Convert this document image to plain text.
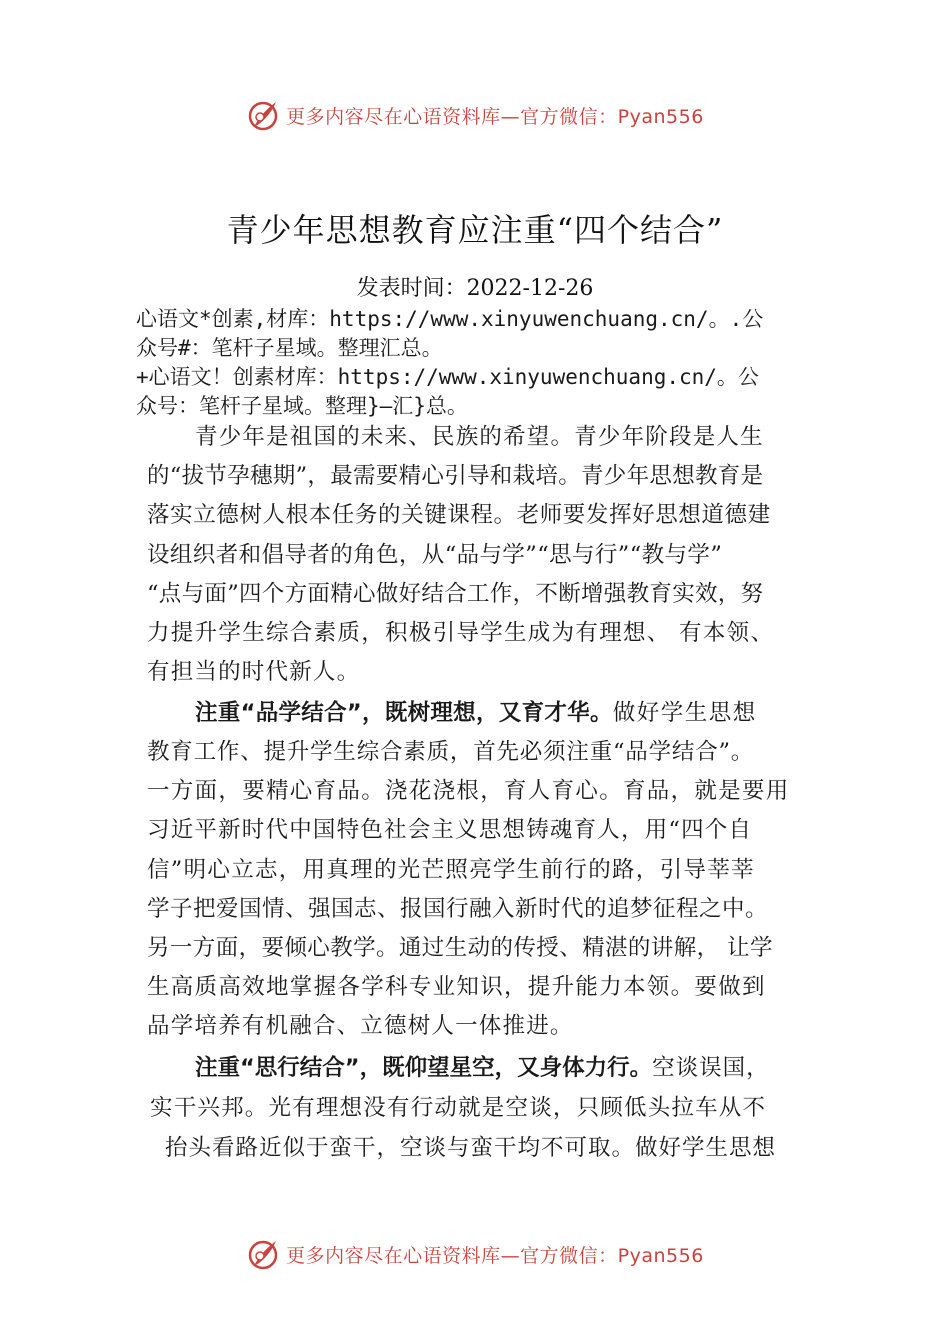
更多内容尽在心语资料库—官方微信：Pyan556
青少年思想教育应注重“四个结合”
发表时间：2022-12-26
心语文*创素,材库：https://www.xinyuwenchuang.cn/。.公
众号#：笔杆子星域。整理汇总。
+心语文！创素材库：https://www.xinyuwenchuang.cn/。公
众号：笔杆子星域。整理}—汇}总。
青少年是祖国的未来、民族的希望。青少年阶段是人生
的“拔节孕穗期”，最需要精心引导和栽培。青少年思想教育是
落实立德树人根本任务的关键课程。老师要发挥好思想道德建
设组织者和倡导者的角色，从“品与学”“思与行”“教与学”
“点与面”四个方面精心做好结合工作，不断增强教育实效，努
力提升学生综合素质，积极引导学生成为有理想、 有本领、
有担当的时代新人。
注重“品学结合”，既树理想，又育才华。做好学生思想
教育工作、提升学生综合素质，首先必须注重“品学结合”。
一方面，要精心育品。浇花浇根，育人育心。育品，就是要用
习近平新时代中国特色社会主义思想铸魂育人，用“四个自
信”明心立志，用真理的光芒照亮学生前行的路，引导莘莘
学子把爱国情、强国志、报国行融入新时代的追梦征程之中。
另一方面，要倾心教学。通过生动的传授、精湛的讲解， 让学
生高质高效地掌握各学科专业知识，提升能力本领。要做到
品学培养有机融合、立德树人一体推进。
注重“思行结合”，既仰望星空，又身体力行。空谈误国，
实干兴邦。光有理想没有行动就是空谈，只顾低头拉车从不
抬头看路近似于蛮干，空谈与蛮干均不可取。做好学生思想
更多内容尽在心语资料库—官方微信：Pyan556
